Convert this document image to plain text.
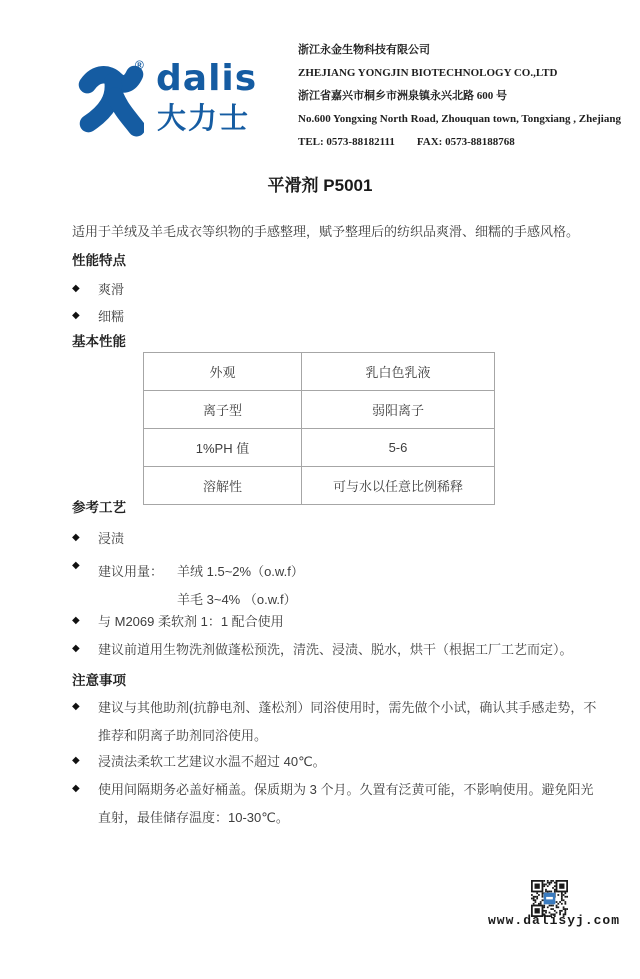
® dalis
大力士
浙江永金生物科技有限公司
ZHEJIANG YONGJIN BIOTECHNOLOGY CO.,LTD
浙江省嘉兴市桐乡市洲泉镇永兴北路 600 号
No.600 Yongxing North Road, Zhouquan town, Tongxiang , Zhejiang
TEL: 0573-88182111 FAX: 0573-88188768
平滑剂 P5001
适用于羊绒及羊毛成衣等织物的手感整理，赋予整理后的纺织品爽滑、细糯的手感风格。
性能特点
◆	爽滑
◆	细糯
基本性能
外观	乳白色乳液
离子型	弱阳离子
1%PH 值	5-6
溶解性	可与水以任意比例稀释
参考工艺
◆	浸渍
◆	建议用量： 羊绒 1.5~2%（o.w.f）
羊毛 3~4% （o.w.f）
◆	与 M2069 柔软剂 1：1 配合使用
◆	建议前道用生物洗剂做蓬松预洗，清洗、浸渍、脱水，烘干（根据工厂工艺而定）。
注意事项
◆	建议与其他助剂(抗静电剂、蓬松剂）同浴使用时，需先做个小试，确认其手感走势，不推荐和阴离子助剂同浴使用。
◆	浸渍法柔软工艺建议水温不超过 40℃。
◆	使用间隔期务必盖好桶盖。保质期为 3 个月。久置有泛黄可能，不影响使用。避免阳光直射，最佳储存温度：10-30℃。
www.dalisyj.com
